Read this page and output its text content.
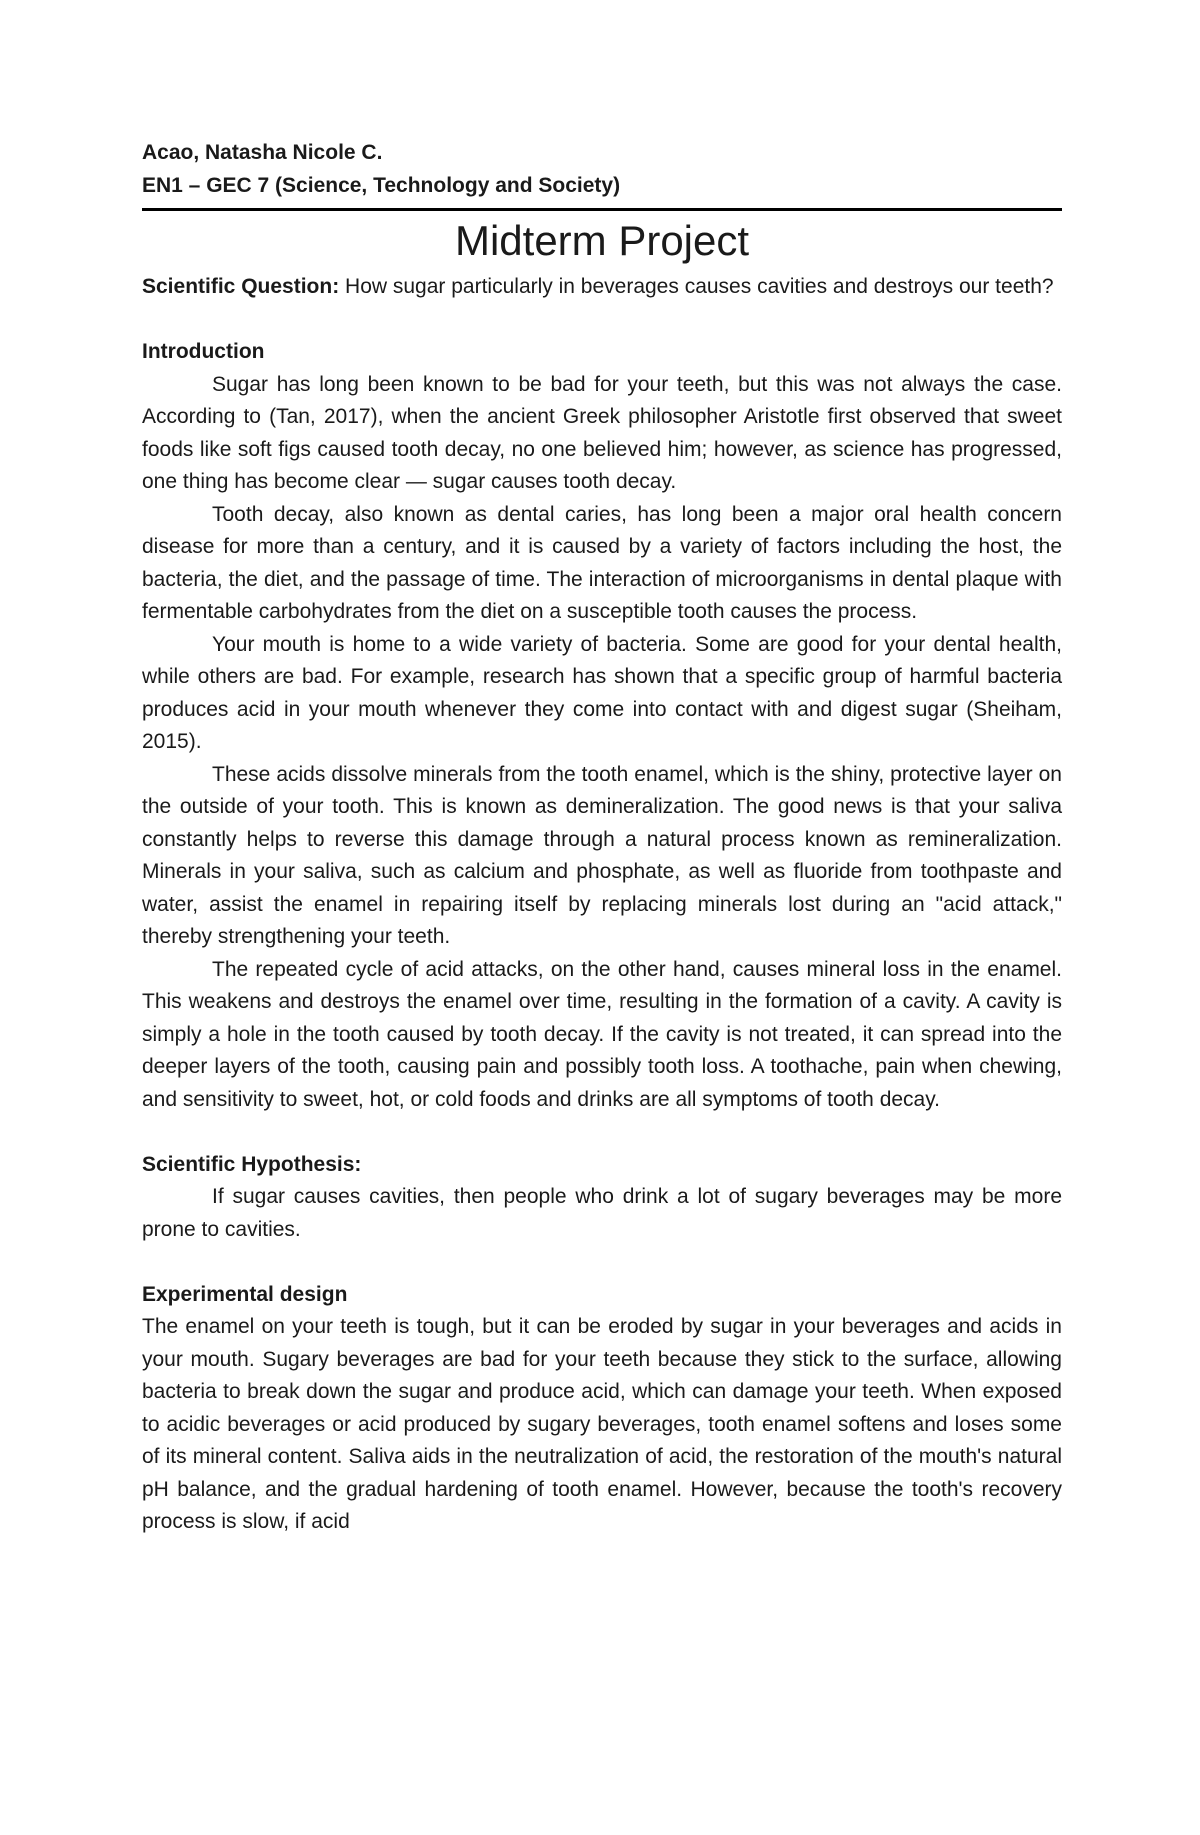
Acao, Natasha Nicole C.
EN1 – GEC 7 (Science, Technology and Society)
Midterm Project

Scientific Question: How sugar particularly in beverages causes cavities and destroys our teeth?

Introduction

Sugar has long been known to be bad for your teeth, but this was not always the case. According to (Tan, 2017), when the ancient Greek philosopher Aristotle first observed that sweet foods like soft figs caused tooth decay, no one believed him; however, as science has progressed, one thing has become clear — sugar causes tooth decay.

Tooth decay, also known as dental caries, has long been a major oral health concern disease for more than a century, and it is caused by a variety of factors including the host, the bacteria, the diet, and the passage of time. The interaction of microorganisms in dental plaque with fermentable carbohydrates from the diet on a susceptible tooth causes the process.

Your mouth is home to a wide variety of bacteria. Some are good for your dental health, while others are bad. For example, research has shown that a specific group of harmful bacteria produces acid in your mouth whenever they come into contact with and digest sugar (Sheiham, 2015).

These acids dissolve minerals from the tooth enamel, which is the shiny, protective layer on the outside of your tooth. This is known as demineralization. The good news is that your saliva constantly helps to reverse this damage through a natural process known as remineralization. Minerals in your saliva, such as calcium and phosphate, as well as fluoride from toothpaste and water, assist the enamel in repairing itself by replacing minerals lost during an "acid attack," thereby strengthening your teeth.

The repeated cycle of acid attacks, on the other hand, causes mineral loss in the enamel. This weakens and destroys the enamel over time, resulting in the formation of a cavity. A cavity is simply a hole in the tooth caused by tooth decay. If the cavity is not treated, it can spread into the deeper layers of the tooth, causing pain and possibly tooth loss. A toothache, pain when chewing, and sensitivity to sweet, hot, or cold foods and drinks are all symptoms of tooth decay.

Scientific Hypothesis:

If sugar causes cavities, then people who drink a lot of sugary beverages may be more prone to cavities.

Experimental design

The enamel on your teeth is tough, but it can be eroded by sugar in your beverages and acids in your mouth. Sugary beverages are bad for your teeth because they stick to the surface, allowing bacteria to break down the sugar and produce acid, which can damage your teeth. When exposed to acidic beverages or acid produced by sugary beverages, tooth enamel softens and loses some of its mineral content. Saliva aids in the neutralization of acid, the restoration of the mouth's natural pH balance, and the gradual hardening of tooth enamel. However, because the tooth's recovery process is slow, if acid
